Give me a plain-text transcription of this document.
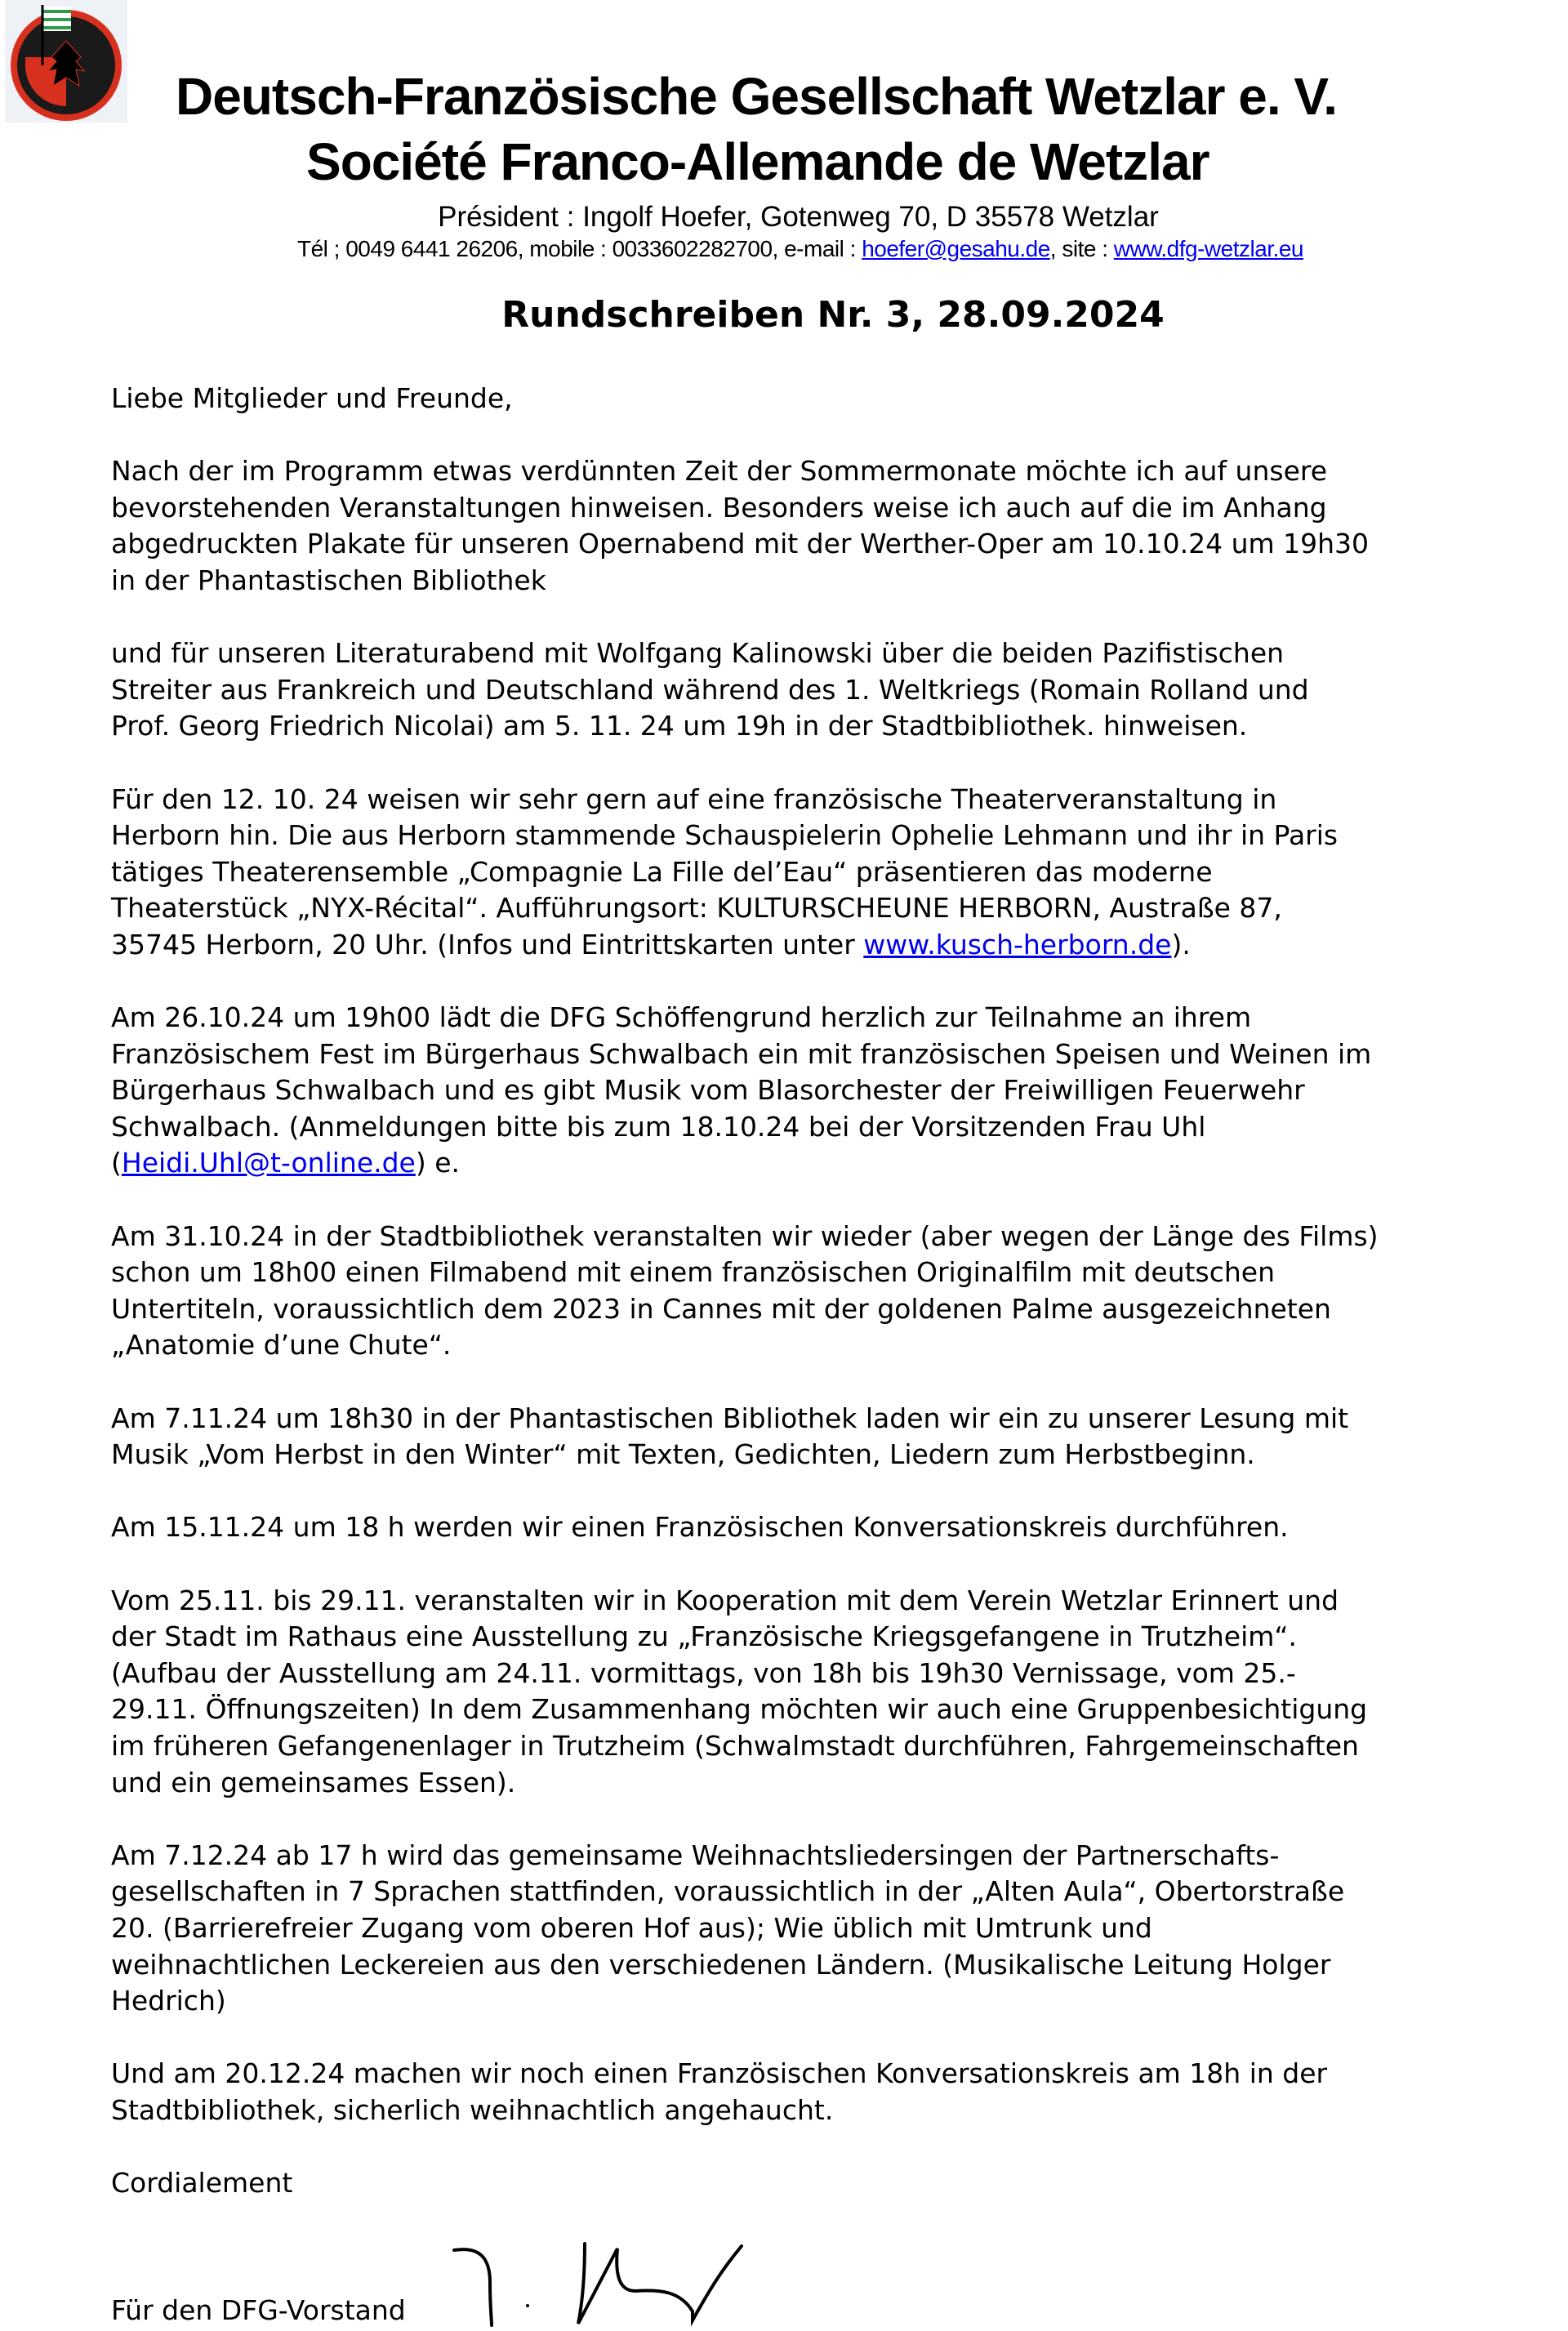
Deutsch-Französische Gesellschaft Wetzlar e. V.
Société Franco-Allemande de Wetzlar
Président : Ingolf Hoefer, Gotenweg 70, D 35578 Wetzlar
Tél ; 0049 6441 26206, mobile : 0033602282700, e-mail : hoefer@gesahu.de, site : www.dfg-wetzlar.eu
Rundschreiben Nr. 3, 28.09.2024
Liebe Mitglieder und Freunde,
Nach der im Programm etwas verdünnten Zeit der Sommermonate möchte ich auf unsere
bevorstehenden Veranstaltungen hinweisen. Besonders weise ich auch auf die im Anhang
abgedruckten Plakate für unseren Opernabend mit der Werther-Oper am 10.10.24 um 19h30
in der Phantastischen Bibliothek
und für unseren Literaturabend mit Wolfgang Kalinowski über die beiden Pazifistischen
Streiter aus Frankreich und Deutschland während des 1. Weltkriegs (Romain Rolland und
Prof. Georg Friedrich Nicolai) am 5. 11. 24 um 19h in der Stadtbibliothek. hinweisen.
Für den 12. 10. 24 weisen wir sehr gern auf eine französische Theaterveranstaltung in
Herborn hin. Die aus Herborn stammende Schauspielerin Ophelie Lehmann und ihr in Paris
tätiges Theaterensemble „Compagnie La Fille del’Eau“ präsentieren das moderne
Theaterstück „NYX-Récital“. Aufführungsort: KULTURSCHEUNE HERBORN, Austraße 87,
35745 Herborn, 20 Uhr. (Infos und Eintrittskarten unter www.kusch-herborn.de).
Am 26.10.24 um 19h00 lädt die DFG Schöffengrund herzlich zur Teilnahme an ihrem
Französischem Fest im Bürgerhaus Schwalbach ein mit französischen Speisen und Weinen im
Bürgerhaus Schwalbach und es gibt Musik vom Blasorchester der Freiwilligen Feuerwehr
Schwalbach. (Anmeldungen bitte bis zum 18.10.24 bei der Vorsitzenden Frau Uhl
(Heidi.Uhl@t-online.de) e.
Am 31.10.24 in der Stadtbibliothek veranstalten wir wieder (aber wegen der Länge des Films)
schon um 18h00 einen Filmabend mit einem französischen Originalfilm mit deutschen
Untertiteln, voraussichtlich dem 2023 in Cannes mit der goldenen Palme ausgezeichneten
„Anatomie d’une Chute“.
Am 7.11.24 um 18h30 in der Phantastischen Bibliothek laden wir ein zu unserer Lesung mit
Musik „Vom Herbst in den Winter“ mit Texten, Gedichten, Liedern zum Herbstbeginn.
Am 15.11.24 um 18 h werden wir einen Französischen Konversationskreis durchführen.
Vom 25.11. bis 29.11. veranstalten wir in Kooperation mit dem Verein Wetzlar Erinnert und
der Stadt im Rathaus eine Ausstellung zu „Französische Kriegsgefangene in Trutzheim“.
(Aufbau der Ausstellung am 24.11. vormittags, von 18h bis 19h30 Vernissage, vom 25.-
29.11. Öffnungszeiten) In dem Zusammenhang möchten wir auch eine Gruppenbesichtigung
im früheren Gefangenenlager in Trutzheim (Schwalmstadt durchführen, Fahrgemeinschaften
und ein gemeinsames Essen).
Am 7.12.24 ab 17 h wird das gemeinsame Weihnachtsliedersingen der Partnerschafts-
gesellschaften in 7 Sprachen stattfinden, voraussichtlich in der „Alten Aula“, Obertorstraße
20. (Barrierefreier Zugang vom oberen Hof aus); Wie üblich mit Umtrunk und
weihnachtlichen Leckereien aus den verschiedenen Ländern. (Musikalische Leitung Holger
Hedrich)
Und am 20.12.24 machen wir noch einen Französischen Konversationskreis am 18h in der
Stadtbibliothek, sicherlich weihnachtlich angehaucht.
Cordialement
Für den DFG-Vorstand
